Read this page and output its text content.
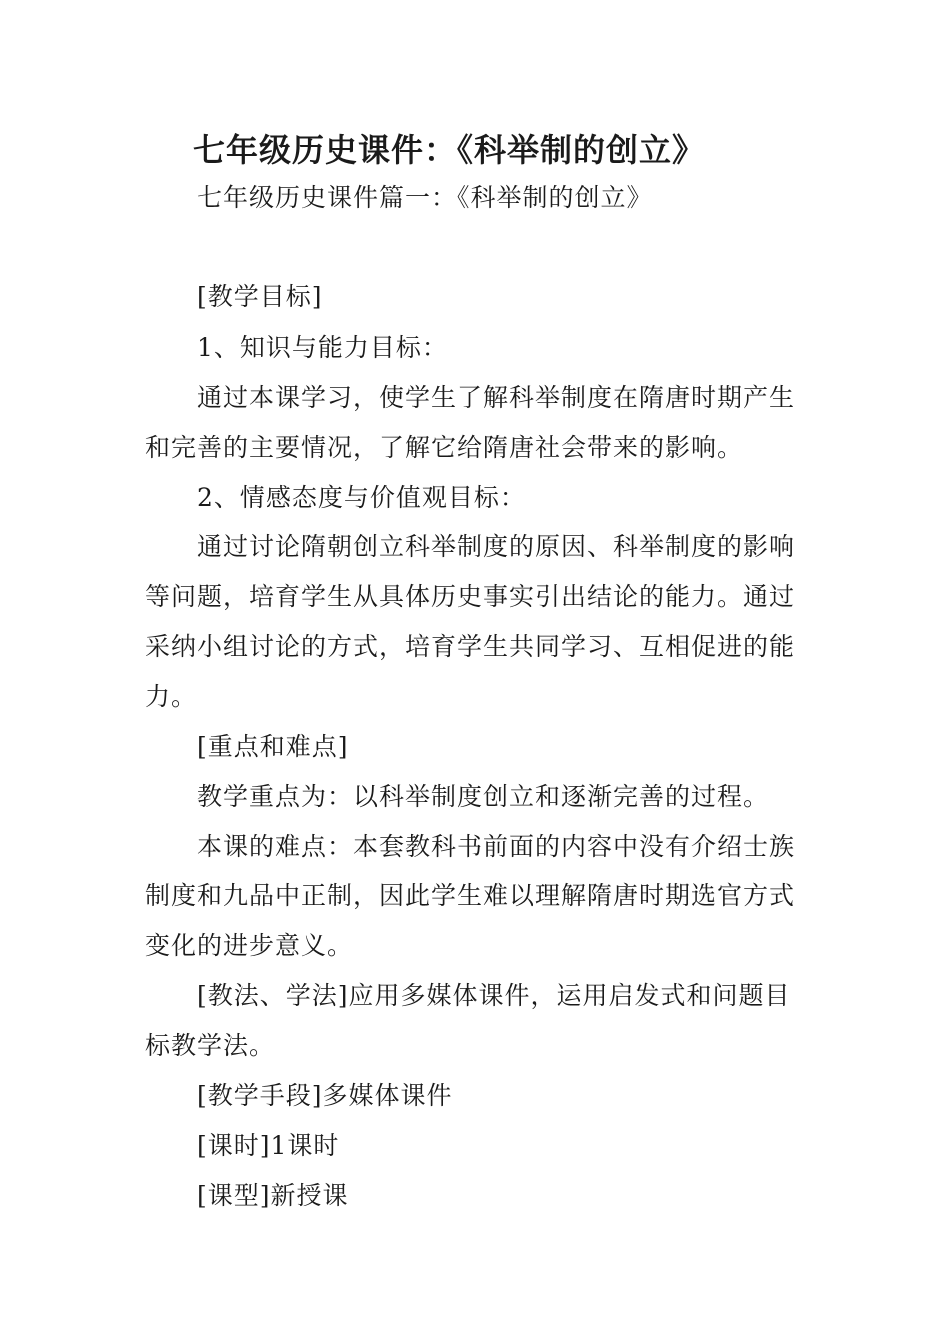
七年级历史课件：《科举制的创立》
七年级历史课件篇一：《科举制的创立》
[教学目标]
1、知识与能力目标：
通过本课学习，使学生了解科举制度在隋唐时期产生
和完善的主要情况，了解它给隋唐社会带来的影响。
2、情感态度与价值观目标：
通过讨论隋朝创立科举制度的原因、科举制度的影响
等问题，培育学生从具体历史事实引出结论的能力。通过
采纳小组讨论的方式，培育学生共同学习、互相促进的能
力。
[重点和难点]
教学重点为：以科举制度创立和逐渐完善的过程。
本课的难点：本套教科书前面的内容中没有介绍士族
制度和九品中正制，因此学生难以理解隋唐时期选官方式
变化的进步意义。
[教法、学法]应用多媒体课件，运用启发式和问题目
标教学法。
[教学手段]多媒体课件
[课时]1课时
[课型]新授课
